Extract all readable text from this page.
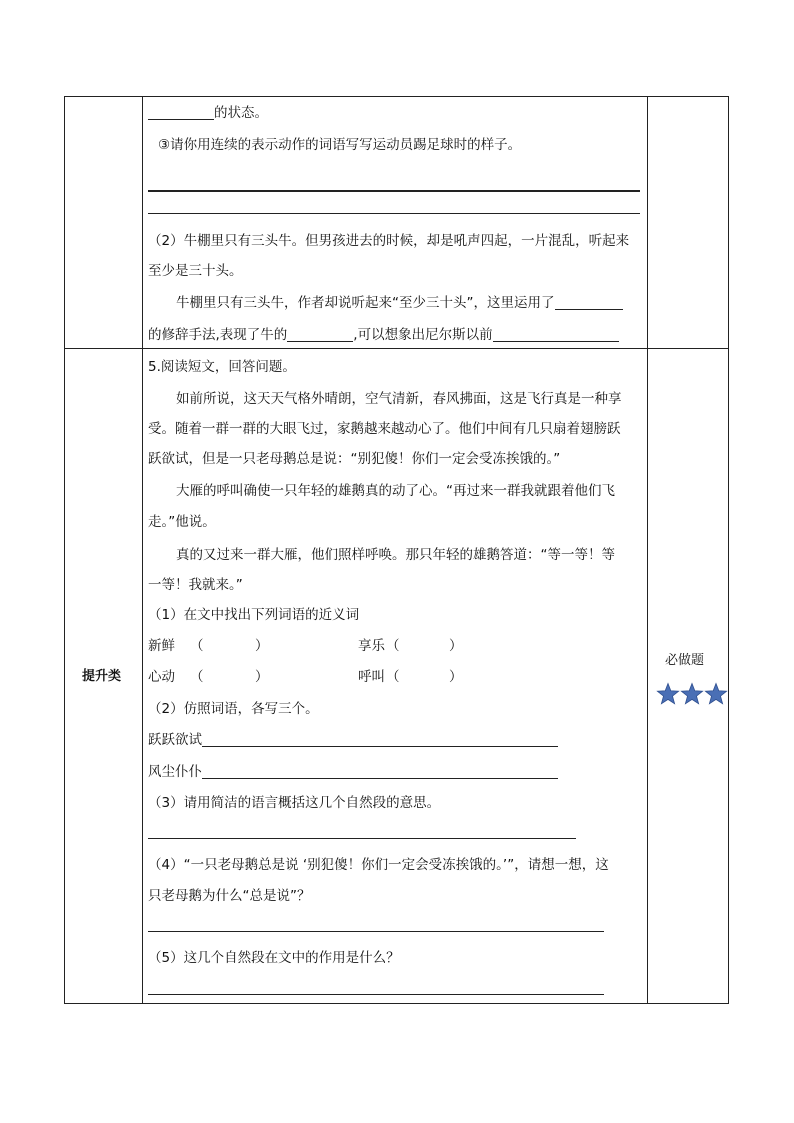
的状态。
③请你用连续的表示动作的词语写写运动员踢足球时的样子。
（2）牛棚里只有三头牛。但男孩进去的时候，却是吼声四起，一片混乱，听起来
至少是三十头。
牛棚里只有三头牛，作者却说听起来“至少三十头”，这里运用了
的修辞手法,表现了牛的	,可以想象出尼尔斯以前
提升类
必做题
5.阅读短文，回答问题。
如前所说，这天天气格外晴朗，空气清新，春风拂面，这是飞行真是一种享
受。随着一群一群的大眼飞过，家鹅越来越动心了。他们中间有几只扇着翅膀跃
跃欲试，但是一只老母鹅总是说：“别犯傻！你们一定会受冻挨饿的。”
大雁的呼叫确使一只年轻的雄鹅真的动了心。“再过来一群我就跟着他们飞
走。”他说。
真的又过来一群大雁，他们照样呼唤。那只年轻的雄鹅答道：“等一等！等
一等！我就来。”
（1）在文中找出下列词语的近义词
新鲜 （	）	享乐 （	）
心动 （	）	呼叫 （	）
（2）仿照词语，各写三个。
跃跃欲试
风尘仆仆
（3）请用简洁的语言概括这几个自然段的意思。
（4）“一只老母鹅总是说 ‘别犯傻！你们一定会受冻挨饿的。’”，请想一想，这
只老母鹅为什么“总是说”？
（5）这几个自然段在文中的作用是什么？
